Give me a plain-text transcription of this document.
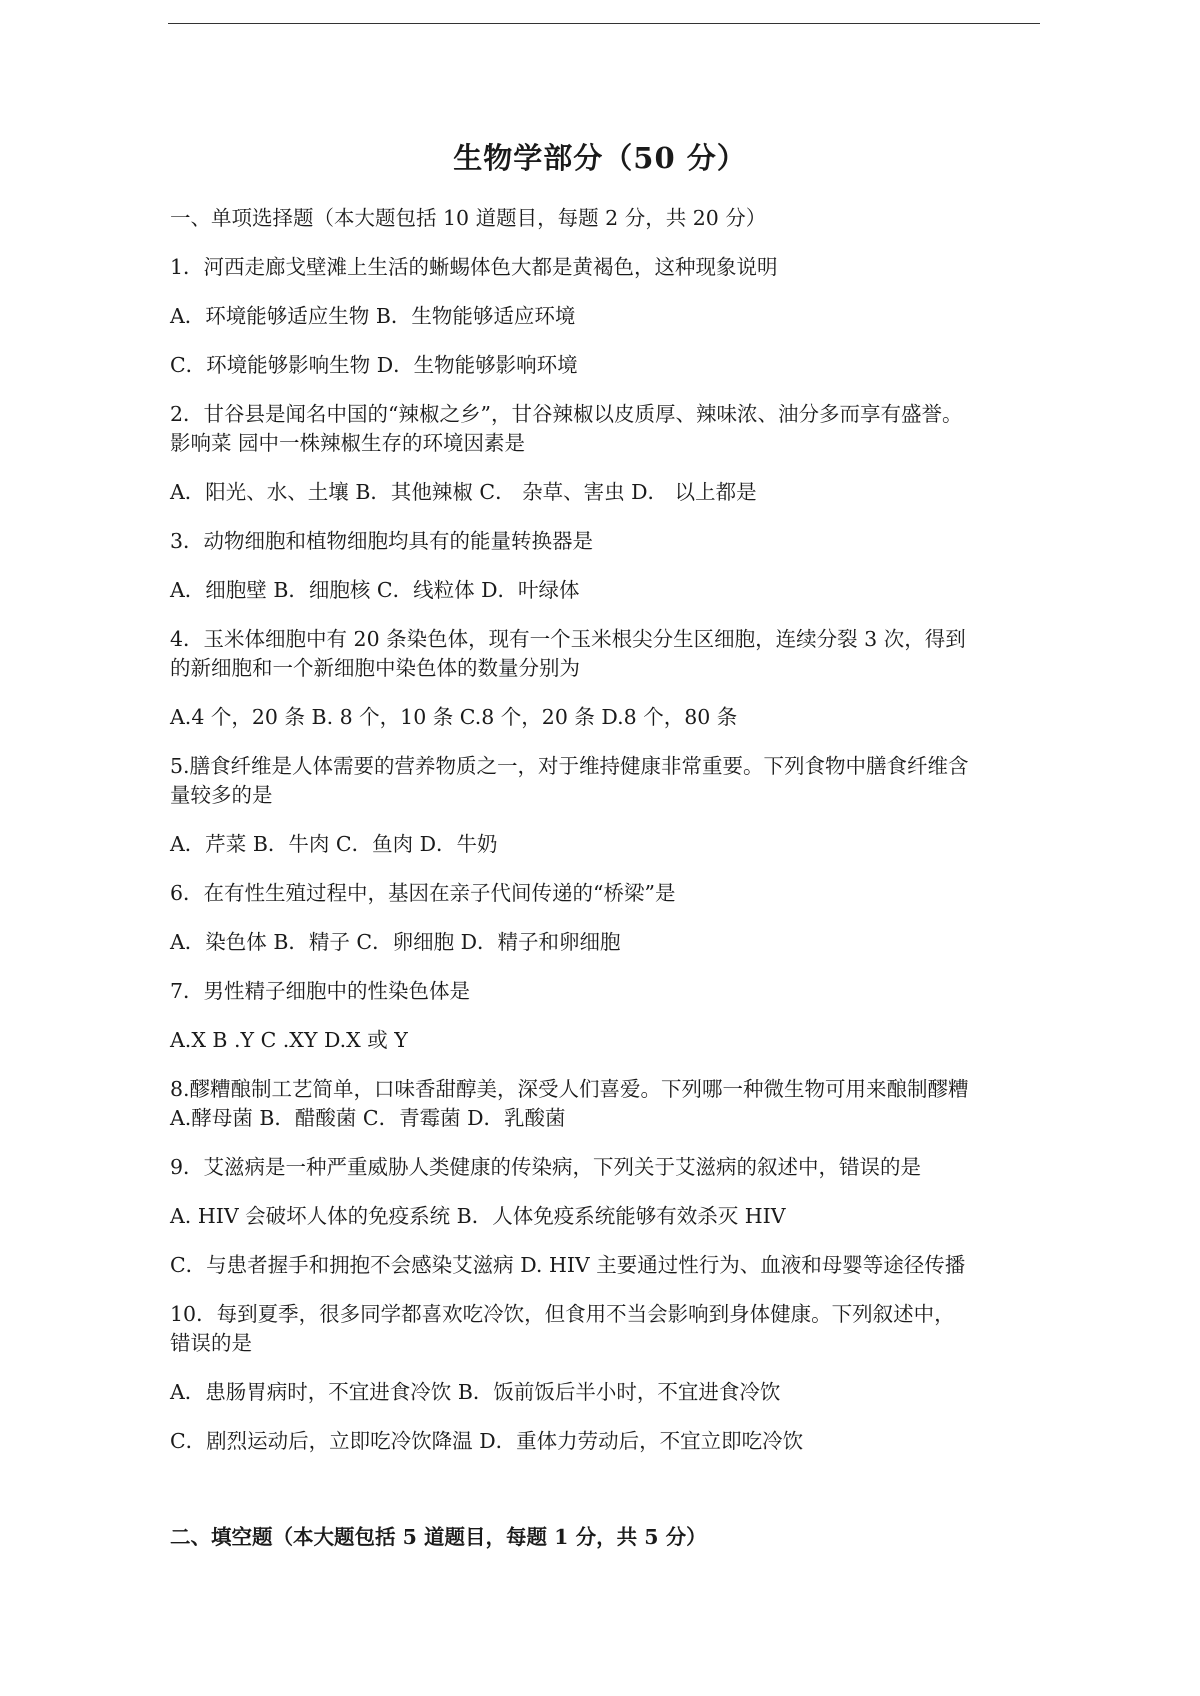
生物学部分（50 分）
一、单项选择题（本大题包括 10 道题目，每题 2 分，共 20 分）
1．河西走廊戈壁滩上生活的蜥蜴体色大都是黄褐色，这种现象说明
A．环境能够适应生物 B．生物能够适应环境
C．环境能够影响生物 D．生物能够影响环境
2．甘谷县是闻名中国的“辣椒之乡”，甘谷辣椒以皮质厚、辣味浓、油分多而享有盛誉。
影响菜 园中一株辣椒生存的环境因素是
A．阳光、水、土壤 B．其他辣椒 C． 杂草、害虫 D． 以上都是
3．动物细胞和植物细胞均具有的能量转换器是
A．细胞壁 B．细胞核 C．线粒体 D．叶绿体
4．玉米体细胞中有 20 条染色体，现有一个玉米根尖分生区细胞，连续分裂 3 次，得到
的新细胞和一个新细胞中染色体的数量分别为
A.4 个，20 条 B. 8 个，10 条 C.8 个，20 条 D.8 个，80 条
5.膳食纤维是人体需要的营养物质之一，对于维持健康非常重要。下列食物中膳食纤维含
量较多的是
A．芹菜 B．牛肉 C．鱼肉 D．牛奶
6．在有性生殖过程中，基因在亲子代间传递的“桥梁”是
A．染色体 B．精子 C．卵细胞 D．精子和卵细胞
7．男性精子细胞中的性染色体是
A.X B .Y C .XY D.X 或 Y
8.醪糟酿制工艺简单，口味香甜醇美，深受人们喜爱。下列哪一种微生物可用来酿制醪糟
A.酵母菌 B．醋酸菌 C．青霉菌 D．乳酸菌
9．艾滋病是一种严重威胁人类健康的传染病，下列关于艾滋病的叙述中，错误的是
A. HIV 会破坏人体的免疫系统 B．人体免疫系统能够有效杀灭 HIV
C．与患者握手和拥抱不会感染艾滋病 D. HIV 主要通过性行为、血液和母婴等途径传播
10．每到夏季，很多同学都喜欢吃冷饮，但食用不当会影响到身体健康。下列叙述中，
错误的是
A．患肠胃病时，不宜进食冷饮 B．饭前饭后半小时，不宜进食冷饮
C．剧烈运动后，立即吃冷饮降温 D．重体力劳动后，不宜立即吃冷饮
二、填空题（本大题包括 5 道题目，每题 1 分，共 5 分）
